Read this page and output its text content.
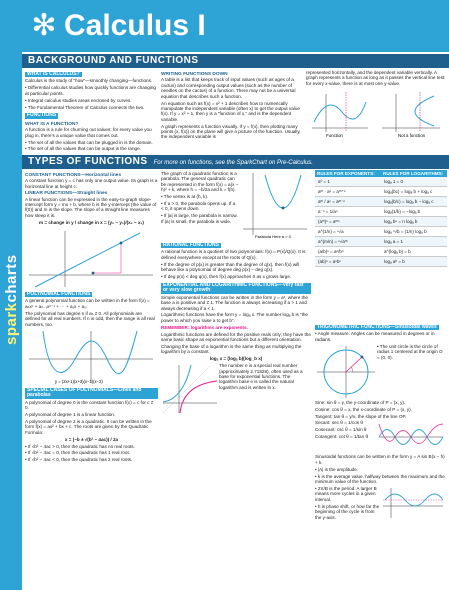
sparkcharts
✻ Calculus I
BACKGROUND AND FUNCTIONS
WHAT IS CALCULUS?
Calculus is the study of “how”—smoothly changing—functions.
• Differential calculus studies how quickly functions are changing at particular points.
• Integral calculus studies areas enclosed by curves.
• The Fundamental Theorem of Calculus connects the two.
FUNCTIONS
WHAT IS A FUNCTION?
A function is a rule for churning out values: for every value you plug in, there’s a unique value that comes out.
• The set of all the values that can be plugged in is the domain.
• The set of all the values that can be output is the range.
WRITING FUNCTIONS DOWN
A table is a list that keeps track of input values (such as ages of a cactus) and corresponding output values (such as the number of needles on the cactus) of a function. There may not be a universal equation that describes such a function.
An equation such as f(x) = x² + 1 describes how to numerically manipulate the independent variable (often x) to get the output value f(x). If y = x² + 1, then y is a “function of x,” and is the dependent variable.
A graph represents a function visually. If y = f(x), then plotting many points (x, f(x)) on the plane will give a picture of the function. Usually, the independent variable is
represented horizontally, and the dependent variable vertically. A graph represents a function as long as it passes the vertical line test: for every x-value, there is at most one y-value.
Function	Not a function
TYPES OF FUNCTIONS For more on functions, see the SparkChart on Pre-Calculus.
CONSTANT FUNCTIONS—Horizontal lines
A constant function y = c has only one output value. Its graph is a horizontal line at height c.
LINEAR FUNCTIONS—Straight lines
A linear function can be expressed in the easy-to-graph slope-intercept form y = mx + b, where b is the y-intercept (the value of f(0)) and m is the slope. The slope of a straight line measures how steep it is.
m = change in y / change in x = (y₂ − y₁)/(x₂ − x₁)
POLYNOMIAL FUNCTIONS
A general polynomial function can be written in the form f(x) = aₙxⁿ + aₙ₋₁xⁿ⁻¹ + ··· + a₁x + a₀.
The polynomial has degree n if aₙ ≠ 0. All polynomials are defined for all real numbers. If n is odd, then the range is all real numbers, too.
y = (2x+1)(x+3)(x−1)(x−2)
SPECIAL CASES OF POLYNOMIALS—Lines and parabolas
A polynomial of degree 0 is the constant function f(x) = c for c ≠ 0.
A polynomial of degree 1 is a linear function.
A polynomial of degree 2 is a quadratic. It can be written in the form f(x) = ax² + bx + c. The roots are given by the Quadratic Formula:
x = (−b ± √(b² − 4ac)) / 2a
• If √b² − 4ac > 0, then the quadratic has no real roots.
• If √b² − 4ac = 0, then the quadratic has 1 real root.
• If √b² − 4ac < 0, then the quadratic has 2 real roots.
The graph of a quadratic function is a parabola. The general quadratic can be represented in the form f(x) = a(x − h)² + k, where h = −b/2a and k = f(h).
• The vertex is at (h, k).
• If a > 0, the parabola opens up. If a < 0, it opens down.
• If |a| is large, the parabola is narrow. If |a| is small, the parabola is wide.
Parabola Here a > 0
RATIONAL FUNCTIONS
A rational function is a quotient of two polynomials: f(x) = P(x)/Q(x). It is defined everywhere except at the roots of Q(x).
• If the degree of p(x) is greater than the degree of q(x), then f(x) will behave like a polynomial of degree deg p(x) − deg q(x).
• If deg p(x) < deg q(x), then f(x) approaches 0 as x grows large.
EXPONENTIAL AND LOGARITHMIC FUNCTIONS—Very fast or very slow growth
Simple exponential functions can be written in the form y = aˣ, where the base a is positive and ≠ 1. The function is always increasing if a > 1 and always decreasing if a < 1.
Logarithmic functions have the form y = logₐ x. The number logₐ b is “the power to which you raise a to get b”.
REMEMBER: logarithms are exponents.
Logarithmic functions are defined for the positive reals only; they have the same basic shape as exponential functions but a different orientation.
Changing the base of a logarithm is the same thing as multiplying the logarithm by a constant.
logₐ x = (logₐ b)(log_b x)
The number e is a special real number (approximately 2.71828), often used as a base for exponential functions. The logarithm base e is called the natural logarithm and is written ln x.
RULES FOR EXPONENTS:	RULES FOR LOGARITHMS:
a⁰ = 1	logₐ 1 = 0
aᵐ · aⁿ = aᵐ⁺ⁿ	logₐ(bc) = logₐ b + logₐ c
aᵐ / aⁿ = aᵐ⁻ⁿ	logₐ(b/c) = logₐ b − logₐ c
a⁻ⁿ = 1/aⁿ	logₐ(1/b) = −logₐ b
(aᵐ)ⁿ = aᵐⁿ	logₐ bⁿ = n logₐ b
a^(1/n) = ⁿ√a	logₐ ⁿ√b = (1/n) logₐ b
a^(m/n) = ⁿ√aᵐ	logₐ a = 1
(a/b)ⁿ = aⁿ/bⁿ	a^(logₐ b) = b
(ab)ⁿ = aⁿbⁿ	logₐ aᵇ = b
TRIGONOMETRIC FUNCTIONS—Sinusoidal waves
• Angle measure: Angles can be measured in degrees or in radians.
• The unit circle is the circle of radius 1 centered at the origin O = (0, 0).
Sine: sin θ = y, the y-coordinate of P = (x, y).
Cosine: cos θ = x, the x-coordinate of P = (x, y).
Tangent: tan θ = y/x, the slope of the line OP.
Secant: sec θ = 1/cos θ
Cosecant: csc θ = 1/sin θ
Cotangent: cot θ = 1/tan θ
Sinusoidal functions can be written in the form y = A sin B(x − h) + k.
• |A| is the amplitude.
• k is the average value, halfway between the maximum and the minimum value of the function.
• 2π/B is the period. A larger B means more cycles in a given interval.
• h is phase shift, or how far the beginning of the cycle is from the y-axis.
